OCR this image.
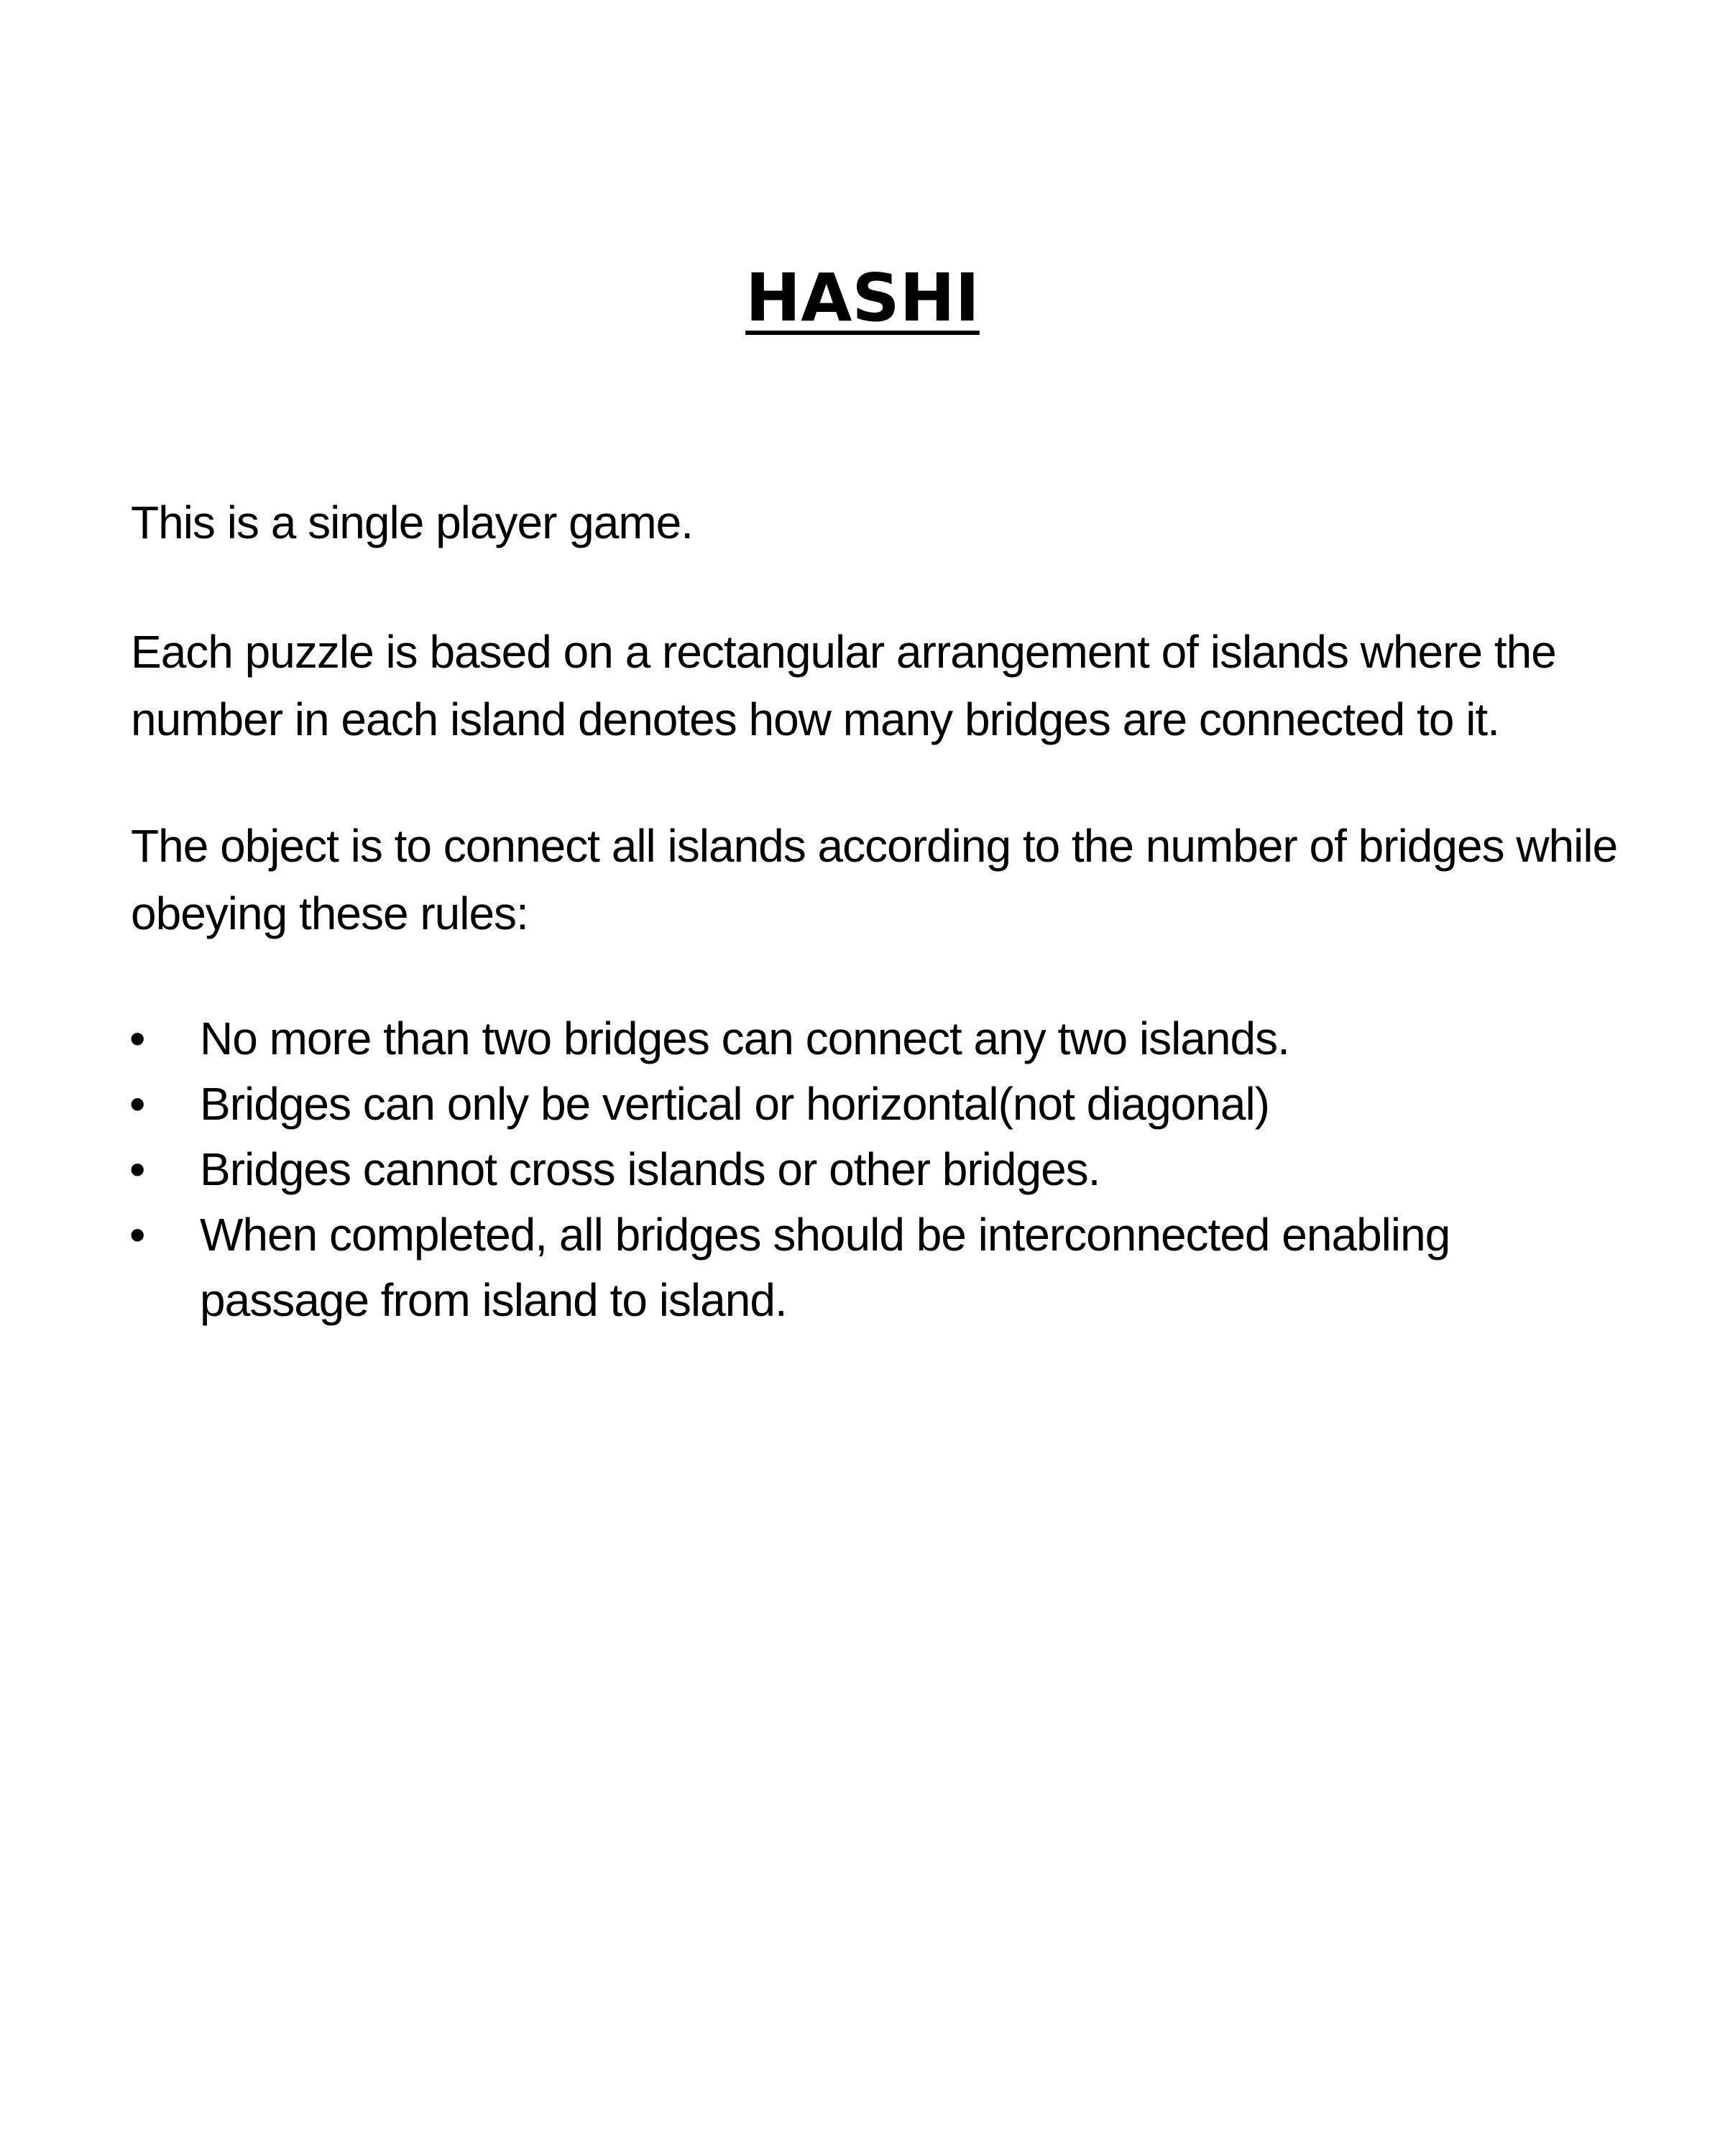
HASHI

This is a single player game.

Each puzzle is based on a rectangular arrangement of islands where the number in each island denotes how many bridges are connected to it.

The object is to connect all islands according to the number of bridges while obeying these rules:

• No more than two bridges can connect any two islands.
• Bridges can only be vertical or horizontal(not diagonal)
• Bridges cannot cross islands or other bridges.
• When completed, all bridges should be interconnected enabling passage from island to island.
